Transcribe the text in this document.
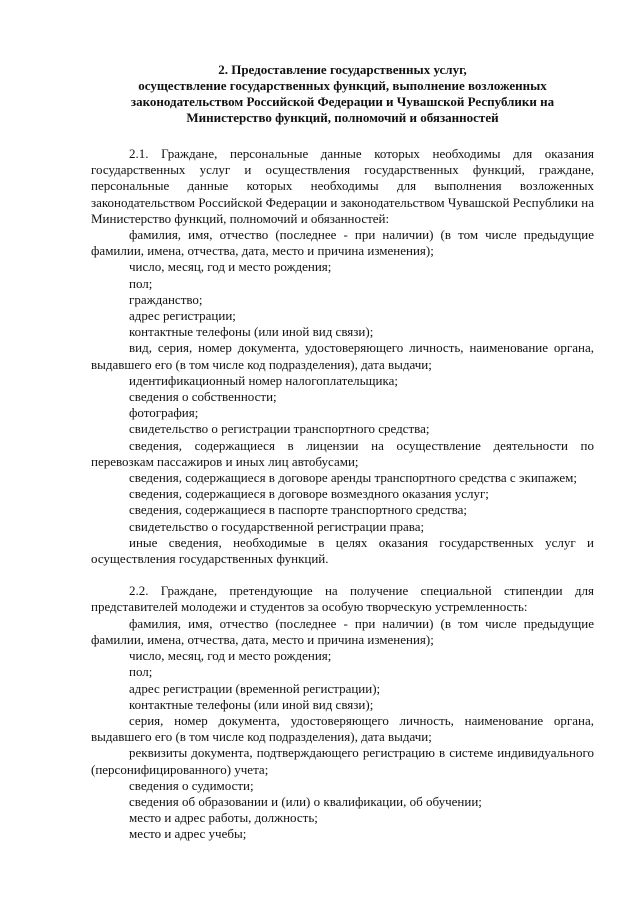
2. Предоставление государственных услуг,
осуществление государственных функций, выполнение возложенных
законодательством Российской Федерации и Чувашской Республики на
Министерство функций, полномочий и обязанностей

2.1. Граждане, персональные данные которых необходимы для оказания государственных услуг и осуществления государственных функций, граждане, персональные данные которых необходимы для выполнения возложенных законодательством Российской Федерации и законодательством Чувашской Республики на Министерство функций, полномочий и обязанностей:

фамилия, имя, отчество (последнее - при наличии) (в том числе предыдущие фамилии, имена, отчества, дата, место и причина изменения);

число, месяц, год и место рождения;

пол;

гражданство;

адрес регистрации;

контактные телефоны (или иной вид связи);

вид, серия, номер документа, удостоверяющего личность, наименование органа, выдавшего его (в том числе код подразделения), дата выдачи;

идентификационный номер налогоплательщика;

сведения о собственности;

фотография;

свидетельство о регистрации транспортного средства;

сведения, содержащиеся в лицензии на осуществление деятельности по перевозкам пассажиров и иных лиц автобусами;

сведения, содержащиеся в договоре аренды транспортного средства с экипажем;

сведения, содержащиеся в договоре возмездного оказания услуг;

сведения, содержащиеся в паспорте транспортного средства;

свидетельство о государственной регистрации права;

иные сведения, необходимые в целях оказания государственных услуг и осуществления государственных функций.

2.2. Граждане, претендующие на получение специальной стипендии для представителей молодежи и студентов за особую творческую устремленность:

фамилия, имя, отчество (последнее - при наличии) (в том числе предыдущие фамилии, имена, отчества, дата, место и причина изменения);

число, месяц, год и место рождения;

пол;

адрес регистрации (временной регистрации);

контактные телефоны (или иной вид связи);

серия, номер документа, удостоверяющего личность, наименование органа, выдавшего его (в том числе код подразделения), дата выдачи;

реквизиты документа, подтверждающего регистрацию в системе индивидуального (персонифицированного) учета;

сведения о судимости;

сведения об образовании и (или) о квалификации, об обучении;

место и адрес работы, должность;

место и адрес учебы;
